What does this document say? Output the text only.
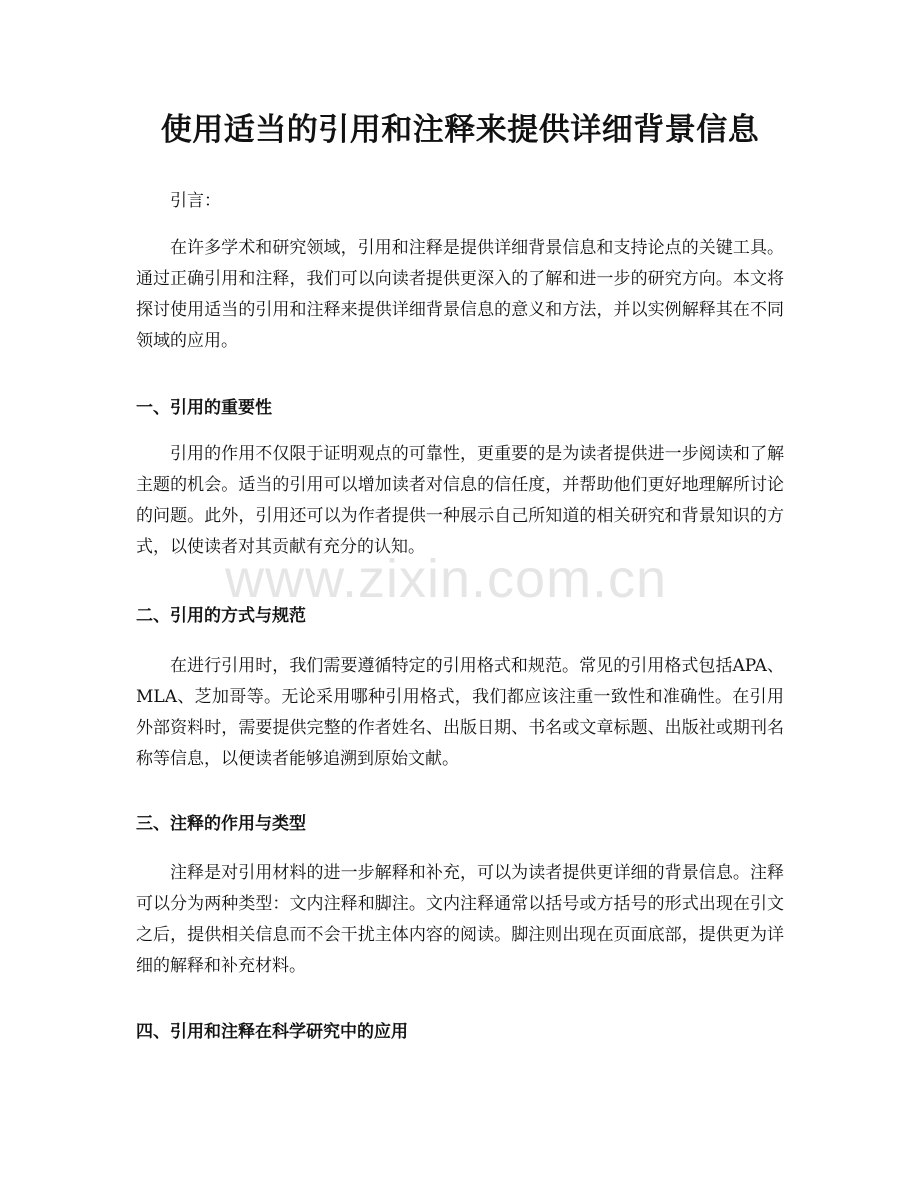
使用适当的引用和注释来提供详细背景信息

引言：

在许多学术和研究领域，引用和注释是提供详细背景信息和支持论点的关键工具。通过正确引用和注释，我们可以向读者提供更深入的了解和进一步的研究方向。本文将探讨使用适当的引用和注释来提供详细背景信息的意义和方法，并以实例解释其在不同领域的应用。

一、引用的重要性

引用的作用不仅限于证明观点的可靠性，更重要的是为读者提供进一步阅读和了解主题的机会。适当的引用可以增加读者对信息的信任度，并帮助他们更好地理解所讨论的问题。此外，引用还可以为作者提供一种展示自己所知道的相关研究和背景知识的方式，以使读者对其贡献有充分的认知。

二、引用的方式与规范

在进行引用时，我们需要遵循特定的引用格式和规范。常见的引用格式包括APA、MLA、芝加哥等。无论采用哪种引用格式，我们都应该注重一致性和准确性。在引用外部资料时，需要提供完整的作者姓名、出版日期、书名或文章标题、出版社或期刊名称等信息，以便读者能够追溯到原始文献。

三、注释的作用与类型

注释是对引用材料的进一步解释和补充，可以为读者提供更详细的背景信息。注释可以分为两种类型：文内注释和脚注。文内注释通常以括号或方括号的形式出现在引文之后，提供相关信息而不会干扰主体内容的阅读。脚注则出现在页面底部，提供更为详细的解释和补充材料。

四、引用和注释在科学研究中的应用
www.zixin.com.cn
